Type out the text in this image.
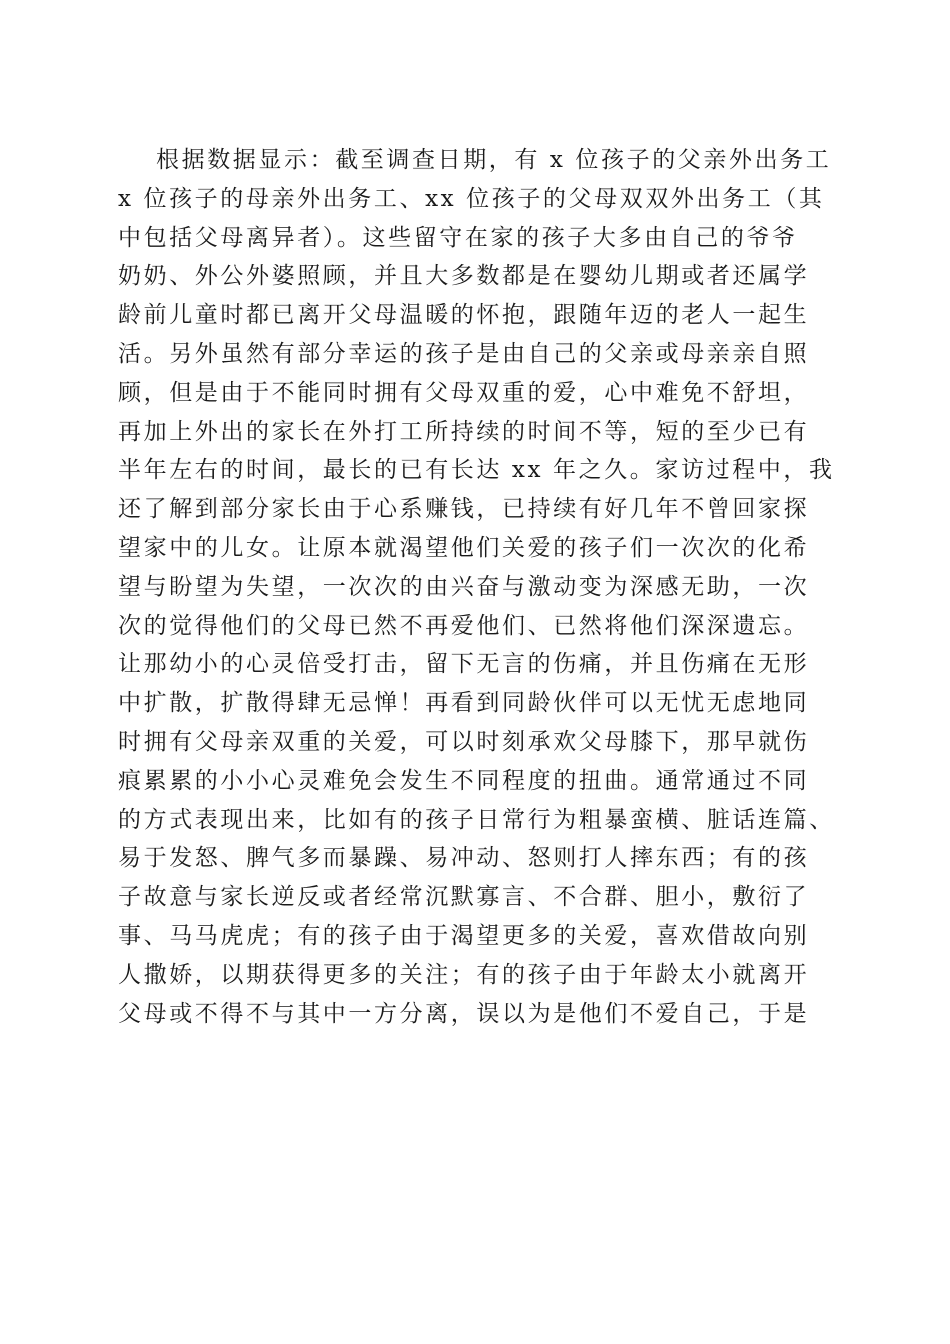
根据数据显示：截至调查日期，有 x 位孩子的父亲外出务工
x 位孩子的母亲外出务工、xx 位孩子的父母双双外出务工（其
中包括父母离异者）。这些留守在家的孩子大多由自己的爷爷
奶奶、外公外婆照顾，并且大多数都是在婴幼儿期或者还属学
龄前儿童时都已离开父母温暖的怀抱，跟随年迈的老人一起生
活。另外虽然有部分幸运的孩子是由自己的父亲或母亲亲自照
顾，但是由于不能同时拥有父母双重的爱，心中难免不舒坦，
再加上外出的家长在外打工所持续的时间不等，短的至少已有
半年左右的时间，最长的已有长达 xx 年之久。家访过程中，我
还了解到部分家长由于心系赚钱，已持续有好几年不曾回家探
望家中的儿女。让原本就渴望他们关爱的孩子们一次次的化希
望与盼望为失望，一次次的由兴奋与激动变为深感无助，一次
次的觉得他们的父母已然不再爱他们、已然将他们深深遗忘。
让那幼小的心灵倍受打击，留下无言的伤痛，并且伤痛在无形
中扩散，扩散得肆无忌惮！再看到同龄伙伴可以无忧无虑地同
时拥有父母亲双重的关爱，可以时刻承欢父母膝下，那早就伤
痕累累的小小心灵难免会发生不同程度的扭曲。通常通过不同
的方式表现出来，比如有的孩子日常行为粗暴蛮横、脏话连篇、
易于发怒、脾气多而暴躁、易冲动、怒则打人摔东西；有的孩
子故意与家长逆反或者经常沉默寡言、不合群、胆小，敷衍了
事、马马虎虎；有的孩子由于渴望更多的关爱，喜欢借故向别
人撒娇，以期获得更多的关注；有的孩子由于年龄太小就离开
父母或不得不与其中一方分离，误以为是他们不爱自己，于是
